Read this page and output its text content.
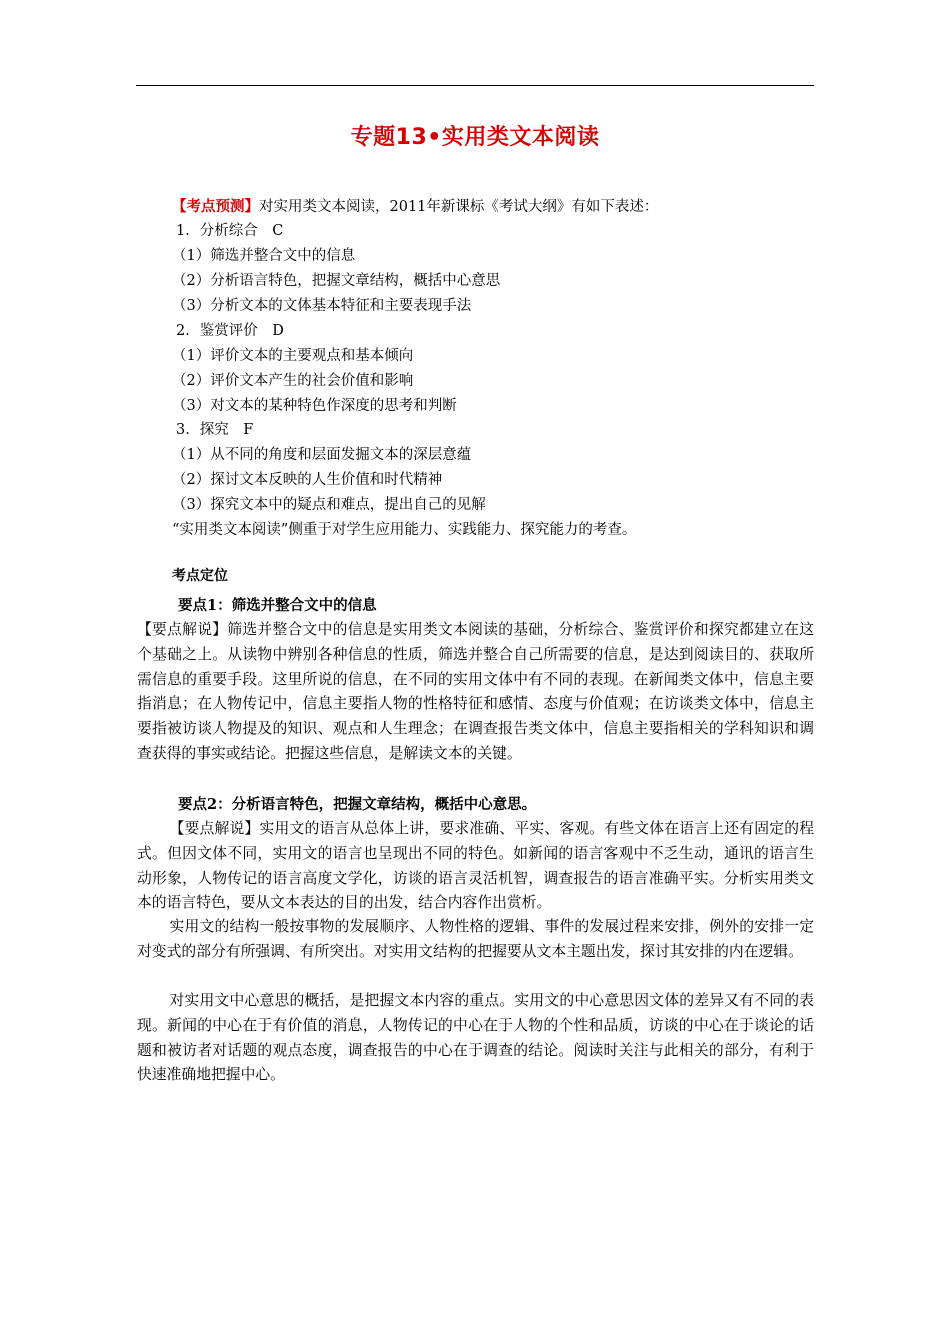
专题13•实用类文本阅读
【考点预测】对实用类文本阅读，2011年新课标《考试大纲》有如下表述：
1．分析综合　C
（1）筛选并整合文中的信息
（2）分析语言特色，把握文章结构，概括中心意思
（3）分析文本的文体基本特征和主要表现手法
2．鉴赏评价　D
（1）评价文本的主要观点和基本倾向
（2）评价文本产生的社会价值和影响
（3）对文本的某种特色作深度的思考和判断
3．探究　F
（1）从不同的角度和层面发掘文本的深层意蕴
（2）探讨文本反映的人生价值和时代精神
（3）探究文本中的疑点和难点，提出自己的见解
“实用类文本阅读”侧重于对学生应用能力、实践能力、探究能力的考查。
考点定位
要点1：筛选并整合文中的信息
【要点解说】筛选并整合文中的信息是实用类文本阅读的基础，分析综合、鉴赏评价和探究都建立在这个基础之上。从读物中辨别各种信息的性质，筛选并整合自己所需要的信息，是达到阅读目的、获取所需信息的重要手段。这里所说的信息，在不同的实用文体中有不同的表现。在新闻类文体中，信息主要指消息；在人物传记中，信息主要指人物的性格特征和感情、态度与价值观；在访谈类文体中，信息主要指被访谈人物提及的知识、观点和人生理念；在调查报告类文体中，信息主要指相关的学科知识和调查获得的事实或结论。把握这些信息，是解读文本的关键。
要点2：分析语言特色，把握文章结构，概括中心意思。
【要点解说】实用文的语言从总体上讲，要求准确、平实、客观。有些文体在语言上还有固定的程式。但因文体不同，实用文的语言也呈现出不同的特色。如新闻的语言客观中不乏生动，通讯的语言生动形象，人物传记的语言高度文学化，访谈的语言灵活机智，调查报告的语言准确平实。分析实用类文本的语言特色，要从文本表达的目的出发，结合内容作出赏析。
实用文的结构一般按事物的发展顺序、人物性格的逻辑、事件的发展过程来安排，例外的安排一定对变式的部分有所强调、有所突出。对实用文结构的把握要从文本主题出发，探讨其安排的内在逻辑。
对实用文中心意思的概括，是把握文本内容的重点。实用文的中心意思因文体的差异又有不同的表现。新闻的中心在于有价值的消息，人物传记的中心在于人物的个性和品质，访谈的中心在于谈论的话题和被访者对话题的观点态度，调查报告的中心在于调查的结论。阅读时关注与此相关的部分，有利于快速准确地把握中心。
